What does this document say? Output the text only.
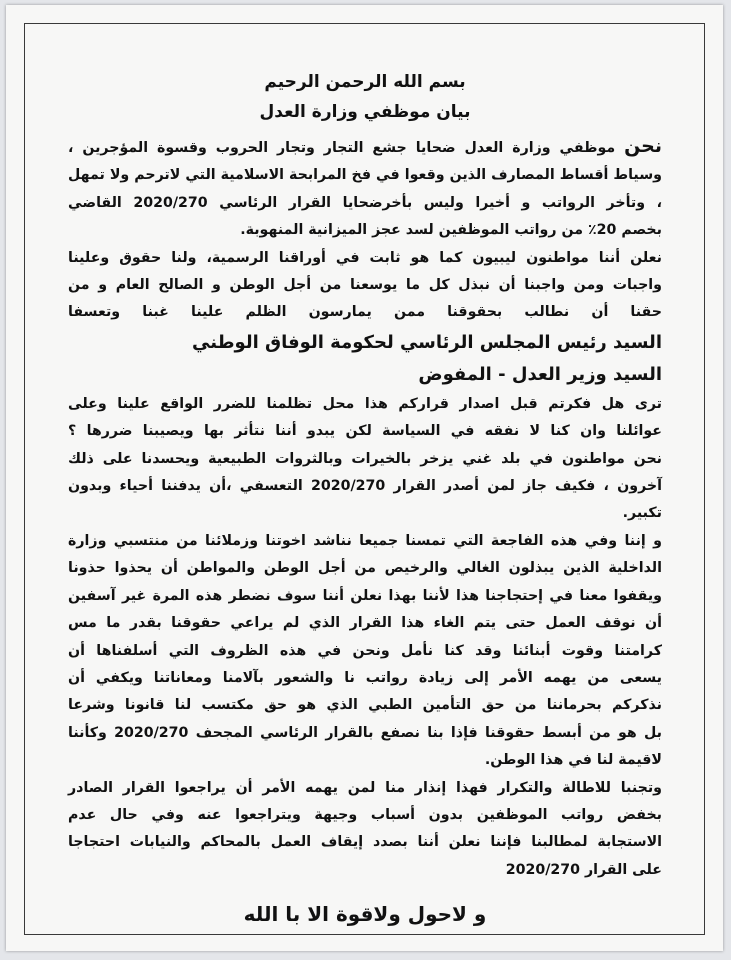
بسم الله الرحمن الرحيم
بيان موظفي وزارة العدل

نحن موظفي وزارة العدل ضحايا جشع التجار وتجار الحروب وقسوة المؤجرين ،

وسياط أقساط المصارف الذين وقعوا في فخ المرابحة الاسلامية التي لاترحم ولا تمهل

، وتأخر الرواتب و أخيرا وليس بأخرضحايا القرار الرئاسي 2020/270 القاضي

بخصم 20٪ من رواتب الموظفين لسد عجز الميزانية المنهوبة.

نعلن أننا مواطنون ليبيون كما هو ثابت في أوراقنا الرسمية، ولنا حقوق وعلينا

واجبات ومن واجبنا أن نبذل كل ما يوسعنا من أجل الوطن و الصالح العام و من

حقنا أن نطالب بحقوقنا ممن يمارسون الظلم علينا غبنا وتعسفا

السيد رئيس المجلس الرئاسي لحكومة الوفاق الوطني
السيد وزير العدل - المفوض

ترى هل فكرتم قبل اصدار قراركم هذا محل تظلمنا للضرر الواقع علينا وعلى

عوائلنا وان كنا لا نفقه في السياسة لكن يبدو أننا نتأثر بها ويصيبنا ضررها ؟

نحن مواطنون في بلد غني يزخر بالخيرات وبالثروات الطبيعية ويحسدنا على ذلك

آخرون ، فكيف جاز لمن أصدر القرار 2020/270 التعسفي ،أن يدفننا أحياء وبدون

تكبير.

و إننا وفي هذه الفاجعة التي تمسنا جميعا نناشد اخوتنا وزملائنا من منتسبي وزارة

الداخلية الذين يبذلون الغالي والرخيص من أجل الوطن والمواطن أن يحذوا حذونا

ويقفوا معنا في إحتجاجنا هذا لأننا بهذا نعلن أننا سوف نضطر هذه المرة غير آسفين

أن نوقف العمل حتى يتم الغاء هذا القرار الذي لم يراعي حقوقنا بقدر ما مس

كرامتنا وقوت أبنائنا وقد كنا نأمل ونحن في هذه الظروف التي أسلفناها أن

يسعى من يهمه الأمر إلى زيادة رواتب نا والشعور بآلامنا ومعاناتنا ويكفي أن

نذكركم بحرماننا من حق التأمين الطبي الذي هو حق مكتسب لنا قانونا وشرعا

بل هو من أبسط حقوقنا فإذا بنا نصفع بالقرار الرئاسي المجحف 2020/270 وكأننا

لاقيمة لنا في هذا الوطن.

وتجنبا للاطالة والتكرار فهذا إنذار منا لمن يهمه الأمر أن يراجعوا القرار الصادر

بخفض رواتب الموظفين بدون أسباب وجيهة ويتراجعوا عنه وفي حال عدم

الاستجابة لمطالبنا فإننا نعلن أننا بصدد إيقاف العمل بالمحاكم والنيابات احتجاجا

على القرار 2020/270

و لاحول ولاقوة الا با الله
